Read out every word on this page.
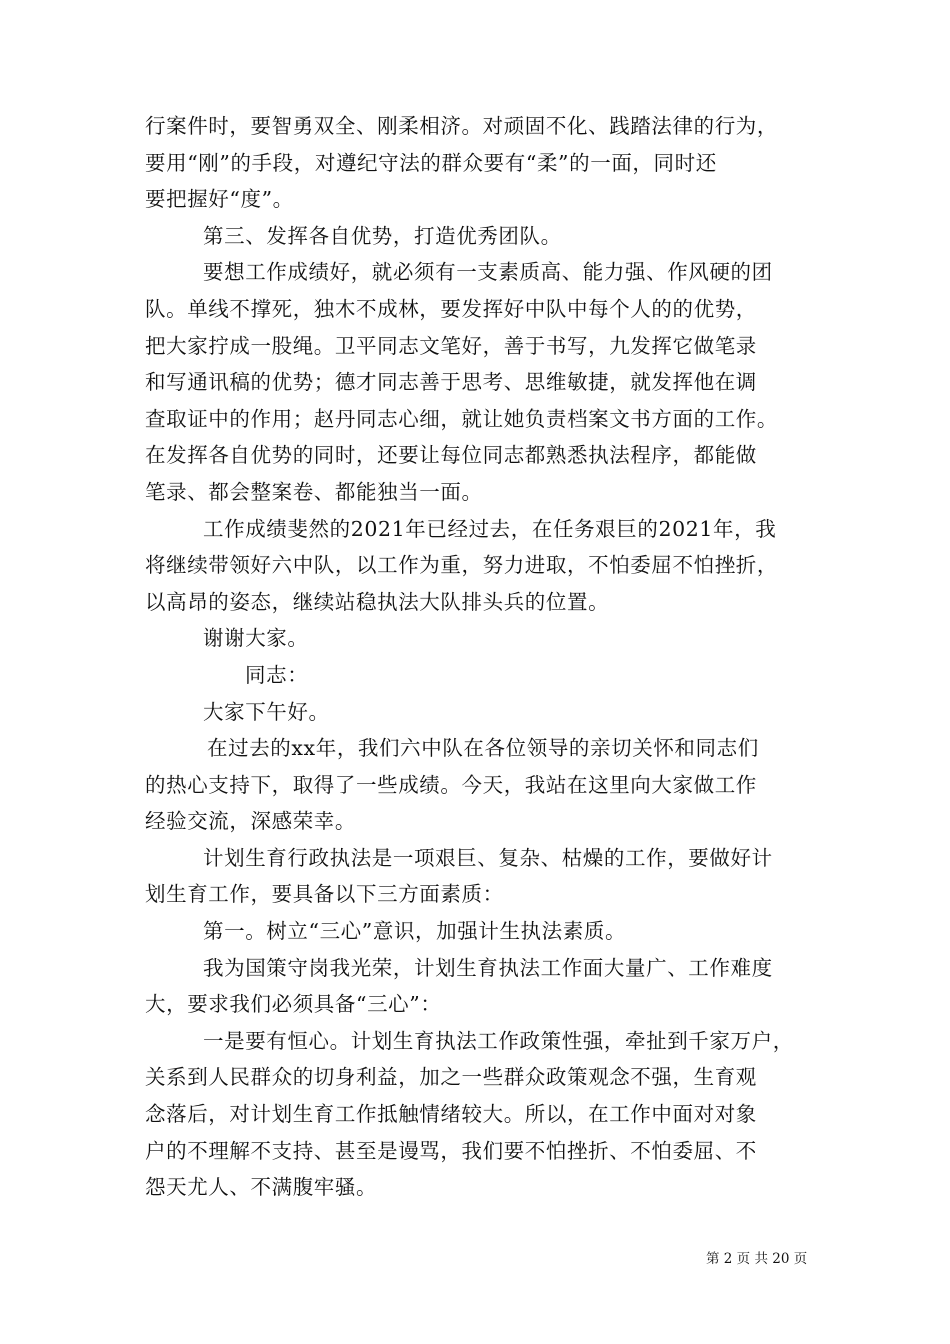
行案件时，要智勇双全、刚柔相济。对顽固不化、践踏法律的行为，
要用“刚”的手段，对遵纪守法的群众要有“柔”的一面，同时还
要把握好“度”。
第三、发挥各自优势，打造优秀团队。
要想工作成绩好，就必须有一支素质高、能力强、作风硬的团
队。单线不撑死，独木不成林，要发挥好中队中每个人的的优势，
把大家拧成一股绳。卫平同志文笔好，善于书写，九发挥它做笔录
和写通讯稿的优势；德才同志善于思考、思维敏捷，就发挥他在调
查取证中的作用；赵丹同志心细，就让她负责档案文书方面的工作。
在发挥各自优势的同时，还要让每位同志都熟悉执法程序，都能做
笔录、都会整案卷、都能独当一面。
工作成绩斐然的2021年已经过去，在任务艰巨的2021年，我
将继续带领好六中队，以工作为重，努力进取，不怕委屈不怕挫折，
以高昂的姿态，继续站稳执法大队排头兵的位置。
谢谢大家。
同志：
大家下午好。
在过去的xx年，我们六中队在各位领导的亲切关怀和同志们
的热心支持下，取得了一些成绩。今天，我站在这里向大家做工作
经验交流，深感荣幸。
计划生育行政执法是一项艰巨、复杂、枯燥的工作，要做好计
划生育工作，要具备以下三方面素质：
第一。树立“三心”意识，加强计生执法素质。
我为国策守岗我光荣，计划生育执法工作面大量广、工作难度
大，要求我们必须具备“三心”：
一是要有恒心。计划生育执法工作政策性强，牵扯到千家万户，
关系到人民群众的切身利益，加之一些群众政策观念不强，生育观
念落后，对计划生育工作抵触情绪较大。所以，在工作中面对对象
户的不理解不支持、甚至是谩骂，我们要不怕挫折、不怕委屈、不
怨天尤人、不满腹牢骚。
第 2 页 共 20 页
